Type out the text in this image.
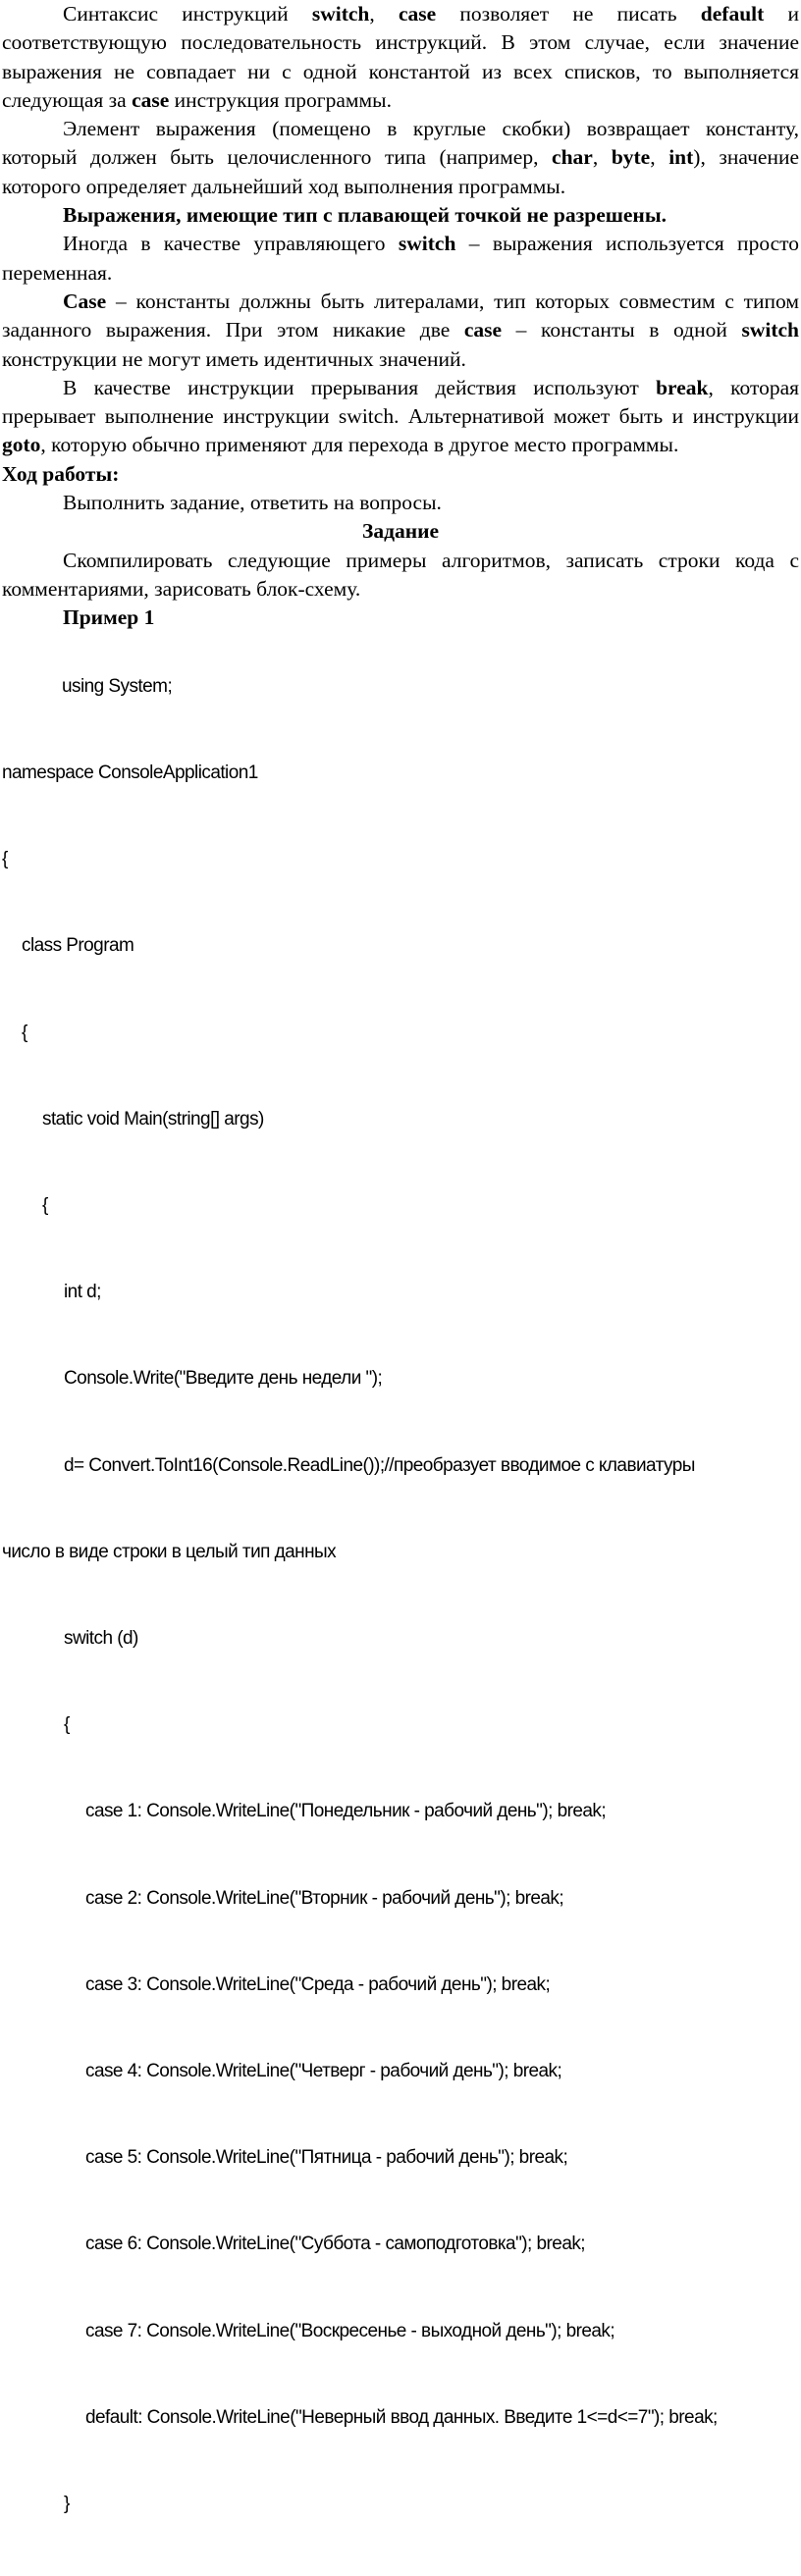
Синтаксис инструкций switch, case позволяет не писать default и соответствующую последовательность инструкций. В этом случае, если значение выражения не совпадает ни с одной константой из всех списков, то выполняется следующая за case инструкция программы.

Элемент выражения (помещено в круглые скобки) возвращает константу, который должен быть целочисленного типа (например, char, byte, int), значение которого определяет дальнейший ход выполнения программы.

Выражения, имеющие тип с плавающей точкой не разрешены.

Иногда в качестве управляющего switch – выражения используется просто переменная.

Case – константы должны быть литералами, тип которых совместим с типом заданного выражения. При этом никакие две case – константы в одной switch конструкции не могут иметь идентичных значений.

В качестве инструкции прерывания действия используют break, которая прерывает выполнение инструкции switch. Альтернативой может быть и инструкции goto, которую обычно применяют для перехода в другое место программы.

Ход работы:

Выполнить задание, ответить на вопросы.

Задание

Скомпилировать следующие примеры алгоритмов, записать строки кода с комментариями, зарисовать блок-схему.

Пример 1

using System;

namespace ConsoleApplication1

{

class Program

{

static void Main(string[] args)

{

int d;

Console.Write("Введите день недели ");

d= Convert.ToInt16(Console.ReadLine());//преобразует вводимое с клавиатуры

число в виде строки в целый тип данных

switch (d)

{

case 1: Console.WriteLine("Понедельник - рабочий день"); break;

case 2: Console.WriteLine("Вторник - рабочий день"); break;

case 3: Console.WriteLine("Среда - рабочий день"); break;

case 4: Console.WriteLine("Четверг - рабочий день"); break;

case 5: Console.WriteLine("Пятница - рабочий день"); break;

case 6: Console.WriteLine("Суббота - самоподготовка"); break;

case 7: Console.WriteLine("Воскресенье - выходной день"); break;

default: Console.WriteLine("Неверный ввод данных. Введите 1<=d<=7"); break;

}
